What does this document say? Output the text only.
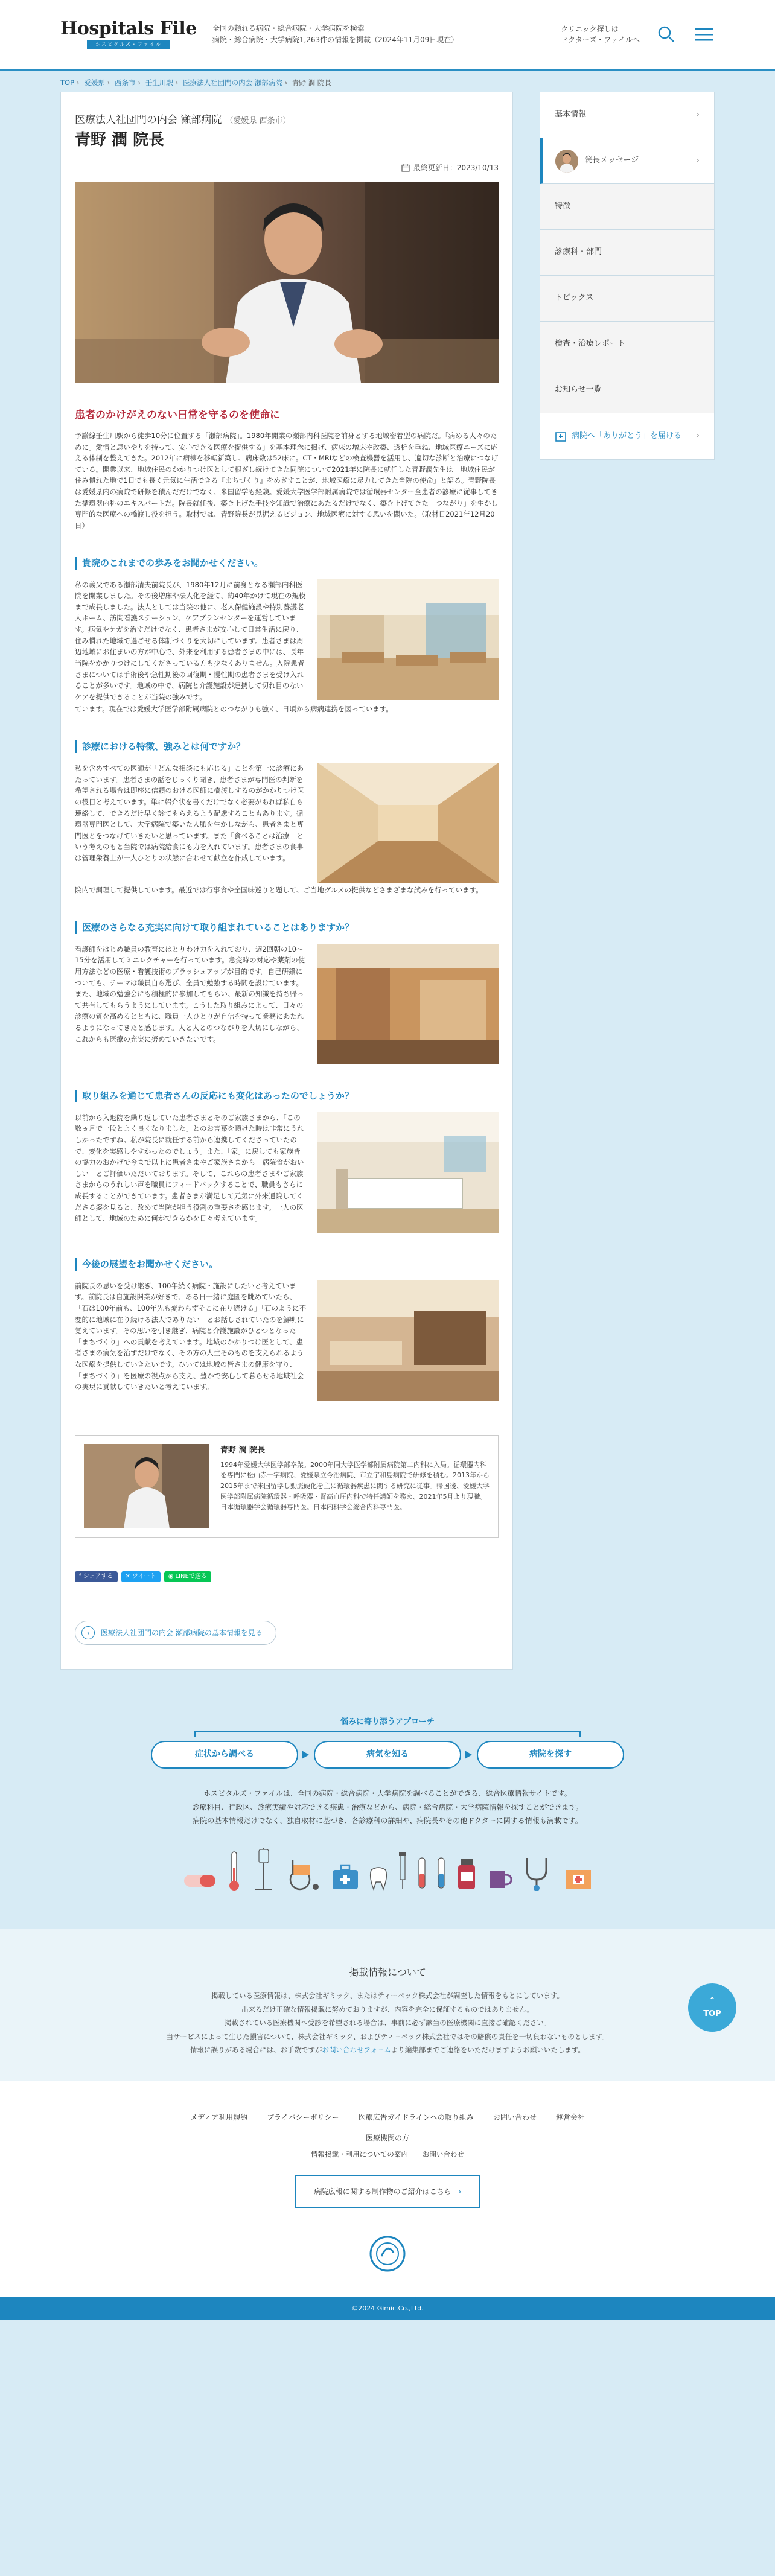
Hospitals File
ホスピタルズ・ファイル
全国の頼れる病院・総合病院・大学病院を検索
病院・総合病院・大学病院1,263件の情報を掲載（2024年11月09日現在）
クリニック探しは
ドクターズ・ファイルへ
TOP › 愛媛県 › 西条市 › 壬生川駅 › 医療法人社団門の内会 瀬部病院 › 青野 潤 院長
医療法人社団門の内会 瀬部病院 （愛媛県 西条市）
青野 潤 院長
最終更新日：2023/10/13
患者のかけがえのない日常を守るのを使命に

予讃線壬生川駅から徒歩10分に位置する「瀬部病院」。1980年開業の瀬部内科医院を前身とする地域密着型の病院だ。「病める人々のために」愛情と思いやりを持って、安心できる医療を提供する」を基本理念に掲げ、病床の増床や改築、透析を重ね、地域医療ニーズに応える体制を整えてきた。2012年に病棟を移転新築し、病床数は52床に。CT・MRIなどの検査機器を活用し、適切な診断と治療につなげている。開業以来、地域住民のかかりつけ医として根ざし続けてきた同院について2021年に院長に就任した青野潤先生は「地域住民が住み慣れた地で1日でも長く元気に生活できる『まちづくり』をめざすことが、地域医療に尽力してきた当院の使命」と語る。青野院長は愛媛県内の病院で研修を積んだだけでなく、米国留学も経験。愛媛大学医学部附属病院では循環器センター全患者の診療に従事してきた循環器内科のエキスパートだ。院長就任後、築き上げた手技や知識で治療にあたるだけでなく、築き上げてきた「つながり」を生かし専門的な医療への橋渡し役を担う。取材では、青野院長が見据えるビジョン、地域医療に対する思いを聞いた。（取材日2021年12月20日）

貴院のこれまでの歩みをお聞かせください。

私の義父である瀬部清夫前院長が、1980年12月に前身となる瀬部内科医院を開業しました。その後増床や法人化を経て、約40年かけて現在の規模まで成長しました。法人としては当院の他に、老人保健施設や特別養護老人ホーム、訪問看護ステーション、ケアプランセンターを運営しています。病気やケガを治すだけでなく、患者さまが安心して日常生活に戻り、住み慣れた地域で過ごせる体制づくりを大切にしています。患者さまは周辺地域にお住まいの方が中心で、外来を利用する患者さまの中には、長年当院をかかりつけにしてくださっている方も少なくありません。入院患者さまについては手術後や急性期後の回復期・慢性期の患者さまを受け入れることが多いです。地域の中で、病院と介護施設が連携して切れ目のないケアを提供できることが当院の強みです。

ています。現在では愛媛大学医学部附属病院とのつながりも強く、日頃から病病連携を図っています。

診療における特徴、強みとは何ですか？

私を含めすべての医師が「どんな相談にも応じる」ことを第一に診療にあたっています。患者さまの話をじっくり聞き、患者さまが専門医の判断を希望される場合は即座に信頼のおける医師に橋渡しするのがかかりつけ医の役目と考えています。単に紹介状を書くだけでなく必要があれば私自ら連絡して、できるだけ早く診てもらえるよう配慮することもあります。循環器専門医として、大学病院で築いた人脈を生かしながら、患者さまと専門医とをつなげていきたいと思っています。また「食べることは治療」という考えのもと当院では病院給食にも力を入れています。患者さまの食事は管理栄養士が一人ひとりの状態に合わせて献立を作成しています。

院内で調理して提供しています。最近では行事食や全国味巡りと題して、ご当地グルメの提供などさまざまな試みを行っています。

医療のさらなる充実に向けて取り組まれていることはありますか？

看護師をはじめ職員の教育にはとりわけ力を入れており、週2回朝の10〜15分を活用してミニレクチャーを行っています。急変時の対応や薬剤の使用方法などの医療・看護技術のブラッシュアップが目的です。自己研鑽についても、テーマは職員自ら選び、全員で勉強する時間を設けています。また、地域の勉強会にも積極的に参加してもらい、最新の知識を持ち帰って共有してもらうようにしています。こうした取り組みによって、日々の診療の質を高めるとともに、職員一人ひとりが自信を持って業務にあたれるようになってきたと感じます。人と人とのつながりを大切にしながら、これからも医療の充実に努めていきたいです。

取り組みを通じて患者さんの反応にも変化はあったのでしょうか？

以前から入退院を繰り返していた患者さまとそのご家族さまから、「この数ヵ月で一段とよく良くなりました」とのお言葉を頂けた時は非常にうれしかったですね。私が院長に就任する前から連携してくださっていたので、変化を実感しやすかったのでしょう。また、「家」に戻しても家族皆の協力のおかげで今まで以上に患者さまやご家族さまから「病院食がおいしい」とご評価いただいております。そして、これらの患者さまやご家族さまからのうれしい声を職員にフィードバックすることで、職員もさらに成長することができています。患者さまが満足して元気に外来通院してくださる姿を見ると、改めて当院が担う役割の重要さを感じます。一人の医師として、地域のために何ができるかを日々考えています。

今後の展望をお聞かせください。

前院長の思いを受け継ぎ、100年続く病院・施設にしたいと考えています。前院長は自施設開業が好きで、ある日一緒に庭園を眺めていたら、「石は100年前も、100年先も変わらずそこに在り続ける」「石のように不変的に地域に在り続ける法人でありたい」とお話しされていたのを鮮明に覚えています。その思いを引き継ぎ、病院と介護施設がひとつとなった「まちづくり」への貢献を考えています。地域のかかりつけ医として、患者さまの病気を治すだけでなく、その方の人生そのものを支えられるような医療を提供していきたいです。ひいては地域の皆さまの健康を守り、「まちづくり」を医療の視点から支え、豊かで安心して暮らせる地域社会の実現に貢献していきたいと考えています。

青野 潤 院長
1994年愛媛大学医学部卒業。2000年同大学医学部附属病院第二内科に入局。循環器内科を専門に松山赤十字病院、愛媛県立今治病院、市立宇和島病院で研修を積む。2013年から2015年まで米国留学し動脈硬化を主に循環器疾患に関する研究に従事。帰国後、愛媛大学医学部附属病院循環器・呼吸器・腎高血圧内科で特任講師を務め、2021年5月より現職。日本循環器学会循環器専門医。日本内科学会総合内科専門医。
f シェアする ✕ ツイート ◉ LINEで送る
‹	医療法人社団門の内会 瀬部病院の基本情報を見る
基本情報	›
院長メッセージ	›
特徴
診療科・部門
トピックス
検査・治療レポート
お知らせ一覧
病院へ「ありがとう」を届ける ›
悩みに寄り添うアプローチ
症状から調べる	病気を知る	病院を探す
ホスピタルズ・ファイルは、全国の病院・総合病院・大学病院を調べることができる、総合医療情報サイトです。
診療科目、行政区、診療実績や対応できる疾患・治療などから、病院・総合病院・大学病院情報を探すことができます。
病院の基本情報だけでなく、独自取材に基づき、各診療科の詳細や、病院長やその他ドクターに関する情報も満載です。
掲載情報について
掲載している医療情報は、株式会社ギミック、またはティーペック株式会社が調査した情報をもとにしています。
出来るだけ正確な情報掲載に努めておりますが、内容を完全に保証するものではありません。
掲載されている医療機関へ受診を希望される場合は、事前に必ず該当の医療機関に直接ご確認ください。
当サービスによって生じた損害について、株式会社ギミック、およびティーペック株式会社ではその賠償の責任を一切負わないものとします。
情報に誤りがある場合には、お手数ですがお問い合わせフォームより編集部までご連絡をいただけますようお願いいたします。
⌃
TOP
メディア利用規約	プライバシーポリシー	医療広告ガイドラインへの取り組み	お問い合わせ	運営会社
医療機関の方
情報掲載・利用についての案内 お問い合わせ
病院広報に関する制作物のご紹介はこちら ›
©2024 Gimic.Co.,Ltd.
